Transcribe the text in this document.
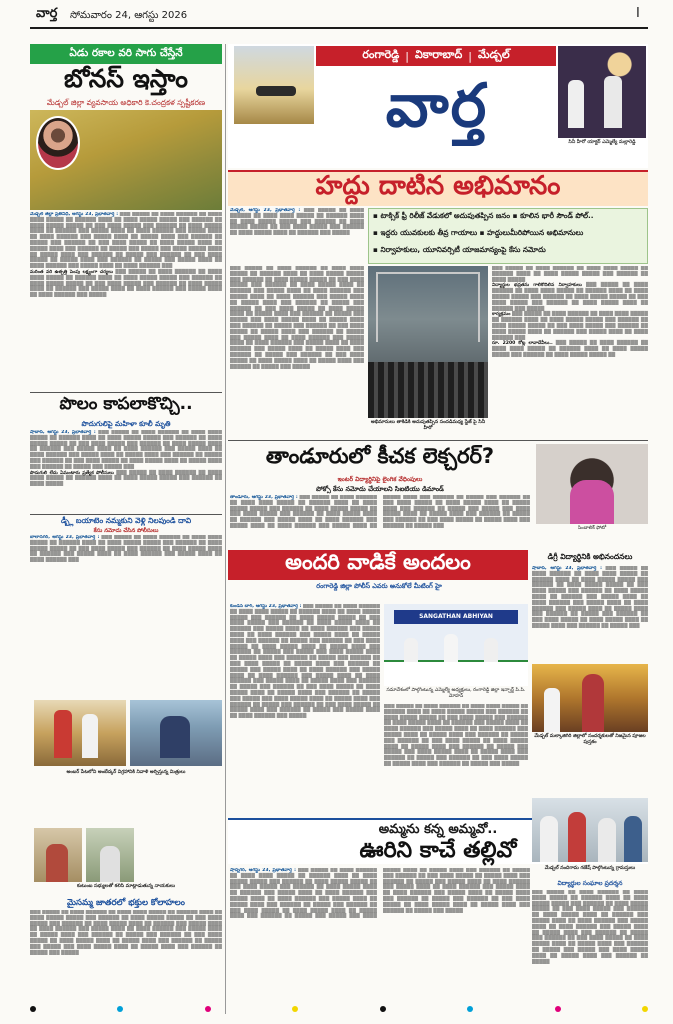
వార్త సోమవారం 24, ఆగస్టు 2026	I
ఏడు రకాల వరి సాగు చేస్తేనే
బోనస్ ఇస్తాం
మేడ్చల్ జిల్లా వ్యవసాయ అధికారి కె.చంద్రకళ స్పష్టీకరణ
మేడ్చల్ జిల్లా ప్రతినిధి, ఆగస్టు 23, ప్రభాతవార్త : ▒▒▒ ▒▒▒▒▒ ▒▒ ▒▒▒▒ ▒▒▒▒▒▒ ▒▒ ▒▒▒▒ ▒▒▒▒ ▒▒▒▒▒ ▒▒ ▒▒▒▒▒▒ ▒▒▒▒ ▒▒ ▒▒▒▒ ▒▒▒▒▒ ▒▒▒▒▒ ▒▒▒ ▒▒▒▒▒▒ ▒▒ ▒▒▒▒ ▒▒▒▒▒ ▒▒▒▒▒ ▒▒ ▒▒▒ ▒▒▒▒ ▒▒▒▒▒ ▒▒▒ ▒▒▒▒▒▒ ▒▒ ▒▒▒▒ ▒▒▒▒▒ ▒▒▒▒ ▒▒ ▒▒▒▒▒▒ ▒▒▒ ▒▒▒▒▒ ▒▒▒▒ ▒▒ ▒▒▒▒ ▒▒▒▒▒▒ ▒▒▒ ▒▒▒▒▒ ▒▒▒▒ ▒▒ ▒▒▒▒ ▒▒▒▒▒▒ ▒▒▒ ▒▒▒▒▒ ▒▒▒▒ ▒▒ ▒▒▒▒▒ ▒▒▒▒ ▒▒▒ ▒▒▒▒▒▒ ▒▒ ▒▒▒▒▒ ▒▒▒ ▒▒▒▒▒▒ ▒▒ ▒▒▒ ▒▒▒▒ ▒▒▒▒▒ ▒▒ ▒▒▒▒ ▒▒▒▒▒ ▒▒▒▒ ▒▒ ▒▒▒▒▒ ▒▒▒▒ ▒▒▒ ▒▒▒▒▒▒ ▒▒ ▒▒▒▒▒ ▒▒▒ ▒▒▒▒▒ ▒▒▒ ▒▒▒▒ ▒▒▒▒▒ ▒▒▒▒ ▒▒ ▒▒▒▒▒ ▒▒▒▒ ▒▒▒ ▒▒▒▒▒▒ ▒▒ ▒▒▒▒▒ ▒▒▒ ▒▒▒▒▒▒ ▒▒ ▒▒▒ ▒▒▒▒ ▒▒▒▒▒ ▒▒ ▒▒▒▒▒ ▒▒▒▒ ▒▒▒ ▒▒▒▒▒▒ ▒▒ ▒▒▒▒▒ ▒▒▒ ▒▒▒▒▒ ▒▒▒▒ ▒▒ ▒▒▒▒ ▒▒▒▒▒▒ ▒▒▒ ▒▒▒▒▒ ▒▒▒▒ ▒▒ ▒▒▒▒ ▒▒▒▒▒▒ ▒▒▒
మరింత వరి ఉత్పత్తి పెంపు లక్ష్యంగా చర్యలు ▒▒▒ ▒▒▒▒▒ ▒▒ ▒▒▒▒ ▒▒▒▒▒▒ ▒▒ ▒▒▒▒ ▒▒▒▒ ▒▒▒▒▒ ▒▒ ▒▒▒▒▒▒ ▒▒▒▒ ▒▒ ▒▒▒▒ ▒▒▒▒▒ ▒▒▒▒▒ ▒▒▒ ▒▒▒▒▒▒ ▒▒ ▒▒▒▒ ▒▒▒▒▒ ▒▒▒▒▒ ▒▒ ▒▒▒ ▒▒▒▒ ▒▒▒▒▒ ▒▒▒ ▒▒▒▒▒▒ ▒▒ ▒▒▒▒ ▒▒▒▒▒ ▒▒▒▒ ▒▒ ▒▒▒▒▒▒ ▒▒▒ ▒▒▒▒▒ ▒▒▒▒ ▒▒ ▒▒▒▒ ▒▒▒▒▒▒ ▒▒▒ ▒▒▒▒▒ ▒▒▒▒ ▒▒ ▒▒▒▒ ▒▒▒▒▒▒ ▒▒▒ ▒▒▒▒▒
పొలం కాపలాకొచ్చి..
పొదుగులిపై మహిళా కూలీ మృతి
షాబాద్, ఆగస్టు 23, ప్రభాతవార్త : ▒▒▒ ▒▒▒▒▒ ▒▒ ▒▒▒▒ ▒▒▒▒▒▒ ▒▒ ▒▒▒▒ ▒▒▒▒ ▒▒▒▒▒ ▒▒ ▒▒▒▒▒▒ ▒▒▒▒ ▒▒ ▒▒▒▒ ▒▒▒▒▒ ▒▒▒▒▒ ▒▒▒ ▒▒▒▒▒▒ ▒▒ ▒▒▒▒ ▒▒▒▒▒ ▒▒▒▒▒ ▒▒ ▒▒▒ ▒▒▒▒ ▒▒▒▒▒ ▒▒▒ ▒▒▒▒▒▒ ▒▒ ▒▒▒▒ ▒▒▒▒▒ ▒▒▒▒ ▒▒ ▒▒▒▒▒▒ ▒▒▒ ▒▒▒▒▒ ▒▒▒▒ ▒▒ ▒▒▒▒ ▒▒▒▒▒▒ ▒▒▒ ▒▒▒▒▒ ▒▒▒▒ ▒▒ ▒▒▒▒ ▒▒▒▒▒▒ ▒▒▒ ▒▒▒▒▒ ▒▒▒▒ ▒▒ ▒▒▒▒▒ ▒▒▒▒ ▒▒▒ ▒▒▒▒▒▒ ▒▒ ▒▒▒▒▒ ▒▒▒ ▒▒▒▒▒▒ ▒▒ ▒▒▒ ▒▒▒▒ ▒▒▒▒▒ ▒▒ ▒▒▒▒ ▒▒▒▒▒ ▒▒▒▒ ▒▒ ▒▒▒▒▒ ▒▒▒▒ ▒▒▒ ▒▒▒▒▒▒ ▒▒ ▒▒▒▒▒ ▒▒▒ ▒▒▒▒▒ ▒▒▒
పొదుగులి లేదు ఏమంటారు ప్రత్యేక పోలీసులు ▒▒▒ ▒▒▒▒▒ ▒▒ ▒▒▒▒ ▒▒▒▒▒▒ ▒▒ ▒▒▒▒ ▒▒▒▒ ▒▒▒▒▒ ▒▒ ▒▒▒▒▒▒ ▒▒▒▒ ▒▒ ▒▒▒▒ ▒▒▒▒▒ ▒▒▒▒▒ ▒▒▒ ▒▒▒▒▒▒ ▒▒ ▒▒▒▒ ▒▒▒▒▒
డ్బ్లీ బయాటెం నమ్మకుని వెళ్లి నిలపుండి దావి
కేసు నమోదు చేసిన పోలీసులు
బాలానగర్, ఆగస్టు 23, ప్రభాతవార్త : ▒▒▒ ▒▒▒▒▒ ▒▒ ▒▒▒▒ ▒▒▒▒▒▒ ▒▒ ▒▒▒▒ ▒▒▒▒ ▒▒▒▒▒ ▒▒ ▒▒▒▒▒▒ ▒▒▒▒ ▒▒ ▒▒▒▒ ▒▒▒▒▒ ▒▒▒▒▒ ▒▒▒ ▒▒▒▒▒▒ ▒▒ ▒▒▒▒ ▒▒▒▒▒ ▒▒▒▒▒ ▒▒ ▒▒▒ ▒▒▒▒ ▒▒▒▒▒ ▒▒▒ ▒▒▒▒▒▒ ▒▒ ▒▒▒▒ ▒▒▒▒▒ ▒▒▒▒ ▒▒ ▒▒▒▒▒▒ ▒▒▒ ▒▒▒▒▒ ▒▒▒▒ ▒▒ ▒▒▒▒ ▒▒▒▒▒▒ ▒▒▒ ▒▒▒▒▒ ▒▒▒▒ ▒▒ ▒▒▒▒ ▒▒▒▒▒▒ ▒▒▒
అంబర్ పేటలోని అంబేద్కర్ విగ్రహానికి నివాళి అర్పిస్తున్న మిత్రులు
కుటుంబ సభ్యులతో కలిసి మాట్లాడుతున్న నాయకులు
మైసమ్మ జాతరలో భక్తుల కోలాహలం
▒▒▒ ▒▒▒▒▒ ▒▒ ▒▒▒▒ ▒▒▒▒▒▒ ▒▒ ▒▒▒▒ ▒▒▒▒ ▒▒▒▒▒ ▒▒ ▒▒▒▒▒▒ ▒▒▒▒ ▒▒ ▒▒▒▒ ▒▒▒▒▒ ▒▒▒▒▒ ▒▒▒ ▒▒▒▒▒▒ ▒▒ ▒▒▒▒ ▒▒▒▒▒ ▒▒▒▒▒ ▒▒ ▒▒▒ ▒▒▒▒ ▒▒▒▒▒ ▒▒▒ ▒▒▒▒▒▒ ▒▒ ▒▒▒▒ ▒▒▒▒▒ ▒▒▒▒ ▒▒ ▒▒▒▒▒▒ ▒▒▒ ▒▒▒▒▒ ▒▒▒▒ ▒▒ ▒▒▒▒ ▒▒▒▒▒▒ ▒▒▒ ▒▒▒▒▒ ▒▒▒▒ ▒▒ ▒▒▒▒ ▒▒▒▒▒▒ ▒▒▒ ▒▒▒▒▒ ▒▒▒▒ ▒▒ ▒▒▒▒▒ ▒▒▒▒ ▒▒▒ ▒▒▒▒▒▒ ▒▒ ▒▒▒▒▒ ▒▒▒ ▒▒▒▒▒▒ ▒▒ ▒▒▒ ▒▒▒▒ ▒▒▒▒▒ ▒▒ ▒▒▒▒ ▒▒▒▒▒ ▒▒▒▒ ▒▒ ▒▒▒▒▒ ▒▒▒▒ ▒▒▒ ▒▒▒▒▒▒ ▒▒ ▒▒▒▒▒ ▒▒▒ ▒▒▒▒▒ ▒▒▒ ▒▒▒▒ ▒▒▒▒▒ ▒▒▒▒ ▒▒ ▒▒▒▒▒ ▒▒▒▒ ▒▒▒ ▒▒▒▒▒▒ ▒▒ ▒▒▒▒▒ ▒▒▒ ▒▒▒▒▒
రంగారెడ్డి | వికారాబాద్ | మేడ్చల్
వార్త
సినీ హీరో యాక్టర్ ఎమ్మెల్యే మల్లారెడ్డి
హద్దు దాటిన అభిమానం
మేడ్చల్, ఆగస్టు 23, ప్రభాతవార్త : ▒▒▒ ▒▒▒▒▒ ▒▒ ▒▒▒▒ ▒▒▒▒▒▒ ▒▒ ▒▒▒▒ ▒▒▒▒ ▒▒▒▒▒ ▒▒ ▒▒▒▒▒▒ ▒▒▒▒ ▒▒ ▒▒▒▒ ▒▒▒▒▒ ▒▒▒▒▒ ▒▒▒ ▒▒▒▒▒▒ ▒▒ ▒▒▒▒ ▒▒▒▒▒ ▒▒▒▒▒ ▒▒ ▒▒▒ ▒▒▒▒ ▒▒▒▒▒ ▒▒▒ ▒▒▒▒▒▒ ▒▒ ▒▒▒▒ ▒▒▒▒▒ ▒▒▒▒ ▒▒ ▒▒▒▒▒▒ ▒▒▒ ▒▒▒▒▒
▪ టాక్సిక్ ఫ్రీ రిలీజ్ వేడుకలో అదుపుతప్పిన జనం ▪ కూలిన భారీ సౌండ్ పోల్..
▪ ఇద్దరు యువకులకు తీవ్ర గాయాలు ▪ హద్దులుమీరిపోయిన అభిమానులు
▪ నిర్వాహకులు, యూనివర్సిటీ యాజమాన్యంపై కేసు నమోదు
▒▒▒ ▒▒▒▒▒ ▒▒ ▒▒▒▒ ▒▒▒▒▒▒ ▒▒ ▒▒▒▒ ▒▒▒▒ ▒▒▒▒▒ ▒▒ ▒▒▒▒▒▒ ▒▒▒▒ ▒▒ ▒▒▒▒ ▒▒▒▒▒ ▒▒▒▒▒ ▒▒▒ ▒▒▒▒▒▒ ▒▒ ▒▒▒▒ ▒▒▒▒▒ ▒▒▒▒▒ ▒▒ ▒▒▒ ▒▒▒▒ ▒▒▒▒▒ ▒▒▒ ▒▒▒▒▒▒ ▒▒ ▒▒▒▒ ▒▒▒▒▒ ▒▒▒▒ ▒▒ ▒▒▒▒▒▒ ▒▒▒ ▒▒▒▒▒ ▒▒▒▒ ▒▒ ▒▒▒▒ ▒▒▒▒▒▒ ▒▒▒ ▒▒▒▒▒ ▒▒▒▒ ▒▒ ▒▒▒▒ ▒▒▒▒▒▒ ▒▒▒ ▒▒▒▒▒ ▒▒▒▒ ▒▒ ▒▒▒▒▒ ▒▒▒▒ ▒▒▒ ▒▒▒▒▒▒ ▒▒ ▒▒▒▒▒ ▒▒▒ ▒▒▒▒▒▒ ▒▒ ▒▒▒ ▒▒▒▒ ▒▒▒▒▒ ▒▒ ▒▒▒▒ ▒▒▒▒▒ ▒▒▒▒ ▒▒ ▒▒▒▒▒ ▒▒▒▒ ▒▒▒ ▒▒▒▒▒▒ ▒▒ ▒▒▒▒▒ ▒▒▒ ▒▒▒▒▒ ▒▒▒ ▒▒▒▒ ▒▒▒▒▒ ▒▒▒▒ ▒▒ ▒▒▒▒▒ ▒▒▒▒ ▒▒▒ ▒▒▒▒▒▒ ▒▒ ▒▒▒▒▒ ▒▒▒ ▒▒▒▒▒▒ ▒▒ ▒▒▒ ▒▒▒▒ ▒▒▒▒▒ ▒▒ ▒▒▒▒▒ ▒▒▒▒ ▒▒▒ ▒▒▒▒▒▒ ▒▒ ▒▒▒▒▒ ▒▒▒ ▒▒▒▒▒ ▒▒▒▒ ▒▒ ▒▒▒▒ ▒▒▒▒▒▒ ▒▒▒ ▒▒▒▒▒ ▒▒▒▒ ▒▒ ▒▒▒▒ ▒▒▒▒▒▒ ▒▒▒ ▒▒▒▒▒ ▒▒▒▒ ▒▒ ▒▒▒▒ ▒▒▒▒▒▒ ▒▒▒ ▒▒▒▒▒ ▒▒▒▒ ▒▒ ▒▒▒▒▒ ▒▒▒▒ ▒▒▒ ▒▒▒▒▒▒ ▒▒ ▒▒▒▒▒ ▒▒▒ ▒▒▒▒▒▒ ▒▒ ▒▒▒ ▒▒▒▒ ▒▒▒▒▒ ▒▒ ▒▒▒▒ ▒▒▒▒▒ ▒▒▒▒ ▒▒ ▒▒▒▒▒ ▒▒▒▒ ▒▒▒ ▒▒▒▒▒▒ ▒▒ ▒▒▒▒▒ ▒▒▒ ▒▒▒▒▒
అభిమానులు తాకిడికి అదుపుతప్పిన సందడిమధ్య స్టేజ్ పై సినీ హీరో
▒▒▒ ▒▒▒▒▒ ▒▒ ▒▒▒▒ ▒▒▒▒▒▒ ▒▒ ▒▒▒▒ ▒▒▒▒ ▒▒▒▒▒ ▒▒ ▒▒▒▒▒▒ ▒▒▒▒ ▒▒ ▒▒▒▒ ▒▒▒▒▒ ▒▒▒▒▒ ▒▒▒ ▒▒▒▒▒▒ ▒▒ ▒▒▒▒ ▒▒▒▒▒
విద్యార్థుల భద్రతను గాలికొదిలిన నిర్వాహకులు ▒▒▒ ▒▒▒▒▒ ▒▒ ▒▒▒▒ ▒▒▒▒▒▒ ▒▒ ▒▒▒▒ ▒▒▒▒ ▒▒▒▒▒ ▒▒ ▒▒▒▒▒▒ ▒▒▒▒ ▒▒ ▒▒▒▒ ▒▒▒▒▒ ▒▒▒▒▒ ▒▒▒ ▒▒▒▒▒▒ ▒▒ ▒▒▒▒ ▒▒▒▒▒ ▒▒▒▒▒ ▒▒ ▒▒▒ ▒▒▒▒ ▒▒▒▒▒ ▒▒▒ ▒▒▒▒▒▒ ▒▒ ▒▒▒▒ ▒▒▒▒▒ ▒▒▒▒ ▒▒ ▒▒▒▒▒▒ ▒▒▒ ▒▒▒▒▒
కార్యక్రమం ▒▒▒ ▒▒▒▒▒ ▒▒ ▒▒▒▒ ▒▒▒▒▒▒ ▒▒ ▒▒▒▒ ▒▒▒▒ ▒▒▒▒▒ ▒▒ ▒▒▒▒▒▒ ▒▒▒▒ ▒▒ ▒▒▒▒ ▒▒▒▒▒ ▒▒▒▒▒ ▒▒▒ ▒▒▒▒▒▒ ▒▒ ▒▒▒▒ ▒▒▒▒▒ ▒▒▒▒▒ ▒▒ ▒▒▒ ▒▒▒▒ ▒▒▒▒▒ ▒▒▒ ▒▒▒▒▒▒ ▒▒ ▒▒▒▒ ▒▒▒▒▒ ▒▒▒▒ ▒▒ ▒▒▒▒▒▒ ▒▒▒ ▒▒▒▒▒ ▒▒▒▒ ▒▒ ▒▒▒▒ ▒▒▒▒▒▒ ▒▒▒
రూ. 2200 కోట్ల లావాదేవీలు.. ▒▒▒ ▒▒▒▒▒ ▒▒ ▒▒▒▒ ▒▒▒▒▒▒ ▒▒ ▒▒▒▒ ▒▒▒▒ ▒▒▒▒▒ ▒▒ ▒▒▒▒▒▒ ▒▒▒▒ ▒▒ ▒▒▒▒ ▒▒▒▒▒ ▒▒▒▒▒ ▒▒▒ ▒▒▒▒▒▒ ▒▒ ▒▒▒▒ ▒▒▒▒▒ ▒▒▒▒▒ ▒▒
తాండూరులో కీచక లెక్చరర్?
ఇంటర్ విద్యార్థినిపై లైంగిక వేధింపులు
పోక్సో కేసు నమోదు చేయాలని సిఐటియు డిమాండ్
తాండూరు, ఆగస్టు 23, ప్రభాతవార్త : ▒▒▒ ▒▒▒▒▒ ▒▒ ▒▒▒▒ ▒▒▒▒▒▒ ▒▒ ▒▒▒▒ ▒▒▒▒ ▒▒▒▒▒ ▒▒ ▒▒▒▒▒▒ ▒▒▒▒ ▒▒ ▒▒▒▒ ▒▒▒▒▒ ▒▒▒▒▒ ▒▒▒ ▒▒▒▒▒▒ ▒▒ ▒▒▒▒ ▒▒▒▒▒ ▒▒▒▒▒ ▒▒ ▒▒▒ ▒▒▒▒ ▒▒▒▒▒ ▒▒▒ ▒▒▒▒▒▒ ▒▒ ▒▒▒▒ ▒▒▒▒▒ ▒▒▒▒ ▒▒ ▒▒▒▒▒▒ ▒▒▒ ▒▒▒▒▒ ▒▒▒▒ ▒▒ ▒▒▒▒ ▒▒▒▒▒▒ ▒▒▒ ▒▒▒▒▒ ▒▒▒▒ ▒▒ ▒▒▒▒ ▒▒▒▒▒▒ ▒▒▒ ▒▒▒▒▒ ▒▒▒▒ ▒▒ ▒▒▒▒▒ ▒▒▒▒ ▒▒▒ ▒▒▒▒▒▒ ▒▒ ▒▒▒▒▒ ▒▒▒ ▒▒▒▒▒▒ ▒▒ ▒▒▒ ▒▒▒▒ ▒▒▒▒▒ ▒▒ ▒▒▒▒ ▒▒▒▒▒ ▒▒▒▒ ▒▒ ▒▒▒▒▒ ▒▒▒▒ ▒▒▒ ▒▒▒▒▒▒ ▒▒ ▒▒▒▒▒ ▒▒▒ ▒▒▒▒▒ ▒▒▒ ▒▒▒▒ ▒▒▒▒▒ ▒▒▒▒ ▒▒ ▒▒▒▒▒ ▒▒▒▒ ▒▒▒ ▒▒▒▒▒▒ ▒▒ ▒▒▒▒▒ ▒▒▒ ▒▒▒▒▒▒ ▒▒ ▒▒▒ ▒▒▒▒ ▒▒▒▒▒ ▒▒ ▒▒▒▒▒ ▒▒▒▒ ▒▒▒ ▒▒▒▒▒▒ ▒▒ ▒▒▒▒▒ ▒▒▒	సింబాలిక్ ఫోటో
అందరి వాడికే అందలం
రంగారెడ్డి జిల్లా పోలీస్ ఎవరు అనుకోలే మీటింగ్ హై
కుండన్ బాగ్, ఆగస్టు 23, ప్రభాతవార్త : ▒▒▒ ▒▒▒▒▒ ▒▒ ▒▒▒▒ ▒▒▒▒▒▒ ▒▒ ▒▒▒▒ ▒▒▒▒ ▒▒▒▒▒ ▒▒ ▒▒▒▒▒▒ ▒▒▒▒ ▒▒ ▒▒▒▒ ▒▒▒▒▒ ▒▒▒▒▒ ▒▒▒ ▒▒▒▒▒▒ ▒▒ ▒▒▒▒ ▒▒▒▒▒ ▒▒▒▒▒ ▒▒ ▒▒▒ ▒▒▒▒ ▒▒▒▒▒ ▒▒▒ ▒▒▒▒▒▒ ▒▒ ▒▒▒▒ ▒▒▒▒▒ ▒▒▒▒ ▒▒ ▒▒▒▒▒▒ ▒▒▒ ▒▒▒▒▒ ▒▒▒▒ ▒▒ ▒▒▒▒ ▒▒▒▒▒▒ ▒▒▒ ▒▒▒▒▒ ▒▒▒▒ ▒▒ ▒▒▒▒ ▒▒▒▒▒▒ ▒▒▒ ▒▒▒▒▒ ▒▒▒▒ ▒▒ ▒▒▒▒▒ ▒▒▒▒ ▒▒▒ ▒▒▒▒▒▒ ▒▒ ▒▒▒▒▒ ▒▒▒ ▒▒▒▒▒▒ ▒▒ ▒▒▒ ▒▒▒▒ ▒▒▒▒▒ ▒▒ ▒▒▒▒ ▒▒▒▒▒ ▒▒▒▒ ▒▒ ▒▒▒▒▒ ▒▒▒▒ ▒▒▒ ▒▒▒▒▒▒ ▒▒ ▒▒▒▒▒ ▒▒▒ ▒▒▒▒▒ ▒▒▒ ▒▒▒▒ ▒▒▒▒▒ ▒▒▒▒ ▒▒ ▒▒▒▒▒ ▒▒▒▒ ▒▒▒ ▒▒▒▒▒▒ ▒▒ ▒▒▒▒▒ ▒▒▒ ▒▒▒▒▒▒ ▒▒ ▒▒▒ ▒▒▒▒ ▒▒▒▒▒ ▒▒ ▒▒▒▒▒ ▒▒▒▒ ▒▒▒ ▒▒▒▒▒▒ ▒▒ ▒▒▒▒▒ ▒▒▒ ▒▒▒▒▒ ▒▒▒▒ ▒▒ ▒▒▒▒ ▒▒▒▒▒▒ ▒▒▒ ▒▒▒▒▒ ▒▒▒▒ ▒▒ ▒▒▒▒ ▒▒▒▒▒▒ ▒▒▒ ▒▒▒▒▒ ▒▒▒▒ ▒▒ ▒▒▒▒ ▒▒▒▒▒▒ ▒▒▒ ▒▒▒▒▒ ▒▒▒▒ ▒▒ ▒▒▒▒▒ ▒▒▒▒ ▒▒▒ ▒▒▒▒▒▒ ▒▒ ▒▒▒▒▒ ▒▒▒ ▒▒▒▒▒▒ ▒▒ ▒▒▒ ▒▒▒▒ ▒▒▒▒▒ ▒▒ ▒▒▒▒ ▒▒▒▒▒ ▒▒▒▒ ▒▒ ▒▒▒▒▒ ▒▒▒▒ ▒▒▒ ▒▒▒▒▒▒ ▒▒ ▒▒▒▒▒ ▒▒▒ ▒▒▒▒▒ ▒▒▒ ▒▒▒▒ ▒▒▒▒▒ ▒▒▒▒ ▒▒ ▒▒▒▒▒ ▒▒▒▒ ▒▒▒ ▒▒▒▒▒▒ ▒▒ ▒▒▒▒▒ ▒▒▒ ▒▒▒▒▒▒ ▒▒ ▒▒▒ ▒▒▒▒ ▒▒▒▒▒ ▒▒ ▒▒▒▒▒ ▒▒▒▒ ▒▒▒ ▒▒▒▒▒▒ ▒▒ ▒▒▒▒▒ ▒▒▒ ▒▒▒▒▒ ▒▒▒▒ ▒▒ ▒▒▒▒ ▒▒▒▒▒▒ ▒▒▒ ▒▒▒▒▒
SANGATHAN ABHIYAN
సమావేశంలో పాల్గొంటున్న ఎమ్మెల్యే అధ్యక్షులు, రంగారెడ్డి జిల్లా ఇన్చార్జ్ పి.పి. మోహన్
▒▒▒ ▒▒▒▒▒ ▒▒ ▒▒▒▒ ▒▒▒▒▒▒ ▒▒ ▒▒▒▒ ▒▒▒▒ ▒▒▒▒▒ ▒▒ ▒▒▒▒▒▒ ▒▒▒▒ ▒▒ ▒▒▒▒ ▒▒▒▒▒ ▒▒▒▒▒ ▒▒▒ ▒▒▒▒▒▒ ▒▒ ▒▒▒▒ ▒▒▒▒▒ ▒▒▒▒▒ ▒▒ ▒▒▒ ▒▒▒▒ ▒▒▒▒▒ ▒▒▒ ▒▒▒▒▒▒ ▒▒ ▒▒▒▒ ▒▒▒▒▒ ▒▒▒▒ ▒▒ ▒▒▒▒▒▒ ▒▒▒ ▒▒▒▒▒ ▒▒▒▒ ▒▒ ▒▒▒▒ ▒▒▒▒▒▒ ▒▒▒ ▒▒▒▒▒ ▒▒▒▒ ▒▒ ▒▒▒▒ ▒▒▒▒▒▒ ▒▒▒ ▒▒▒▒▒ ▒▒▒▒ ▒▒ ▒▒▒▒▒ ▒▒▒▒ ▒▒▒ ▒▒▒▒▒▒ ▒▒ ▒▒▒▒▒ ▒▒▒ ▒▒▒▒▒▒ ▒▒ ▒▒▒ ▒▒▒▒ ▒▒▒▒▒ ▒▒ ▒▒▒▒ ▒▒▒▒▒ ▒▒▒▒ ▒▒ ▒▒▒▒▒ ▒▒▒▒ ▒▒▒ ▒▒▒▒▒▒ ▒▒ ▒▒▒▒▒ ▒▒▒ ▒▒▒▒▒ ▒▒▒ ▒▒▒▒ ▒▒▒▒▒ ▒▒▒▒ ▒▒ ▒▒▒▒▒ ▒▒▒▒ ▒▒▒ ▒▒▒▒▒▒ ▒▒ ▒▒▒▒▒ ▒▒▒ ▒▒▒▒▒▒ ▒▒ ▒▒▒ ▒▒▒▒ ▒▒▒▒▒ ▒▒ ▒▒▒▒▒ ▒▒▒▒ ▒▒▒ ▒▒▒▒▒▒ ▒▒ ▒▒▒▒▒ ▒▒▒ ▒▒▒▒▒
డిగ్రీ విద్యార్థినికి అభినందనలు
షాబాద్, ఆగస్టు 23, ప్రభాతవార్త : ▒▒▒ ▒▒▒▒▒ ▒▒ ▒▒▒▒ ▒▒▒▒▒▒ ▒▒ ▒▒▒▒ ▒▒▒▒ ▒▒▒▒▒ ▒▒ ▒▒▒▒▒▒ ▒▒▒▒ ▒▒ ▒▒▒▒ ▒▒▒▒▒ ▒▒▒▒▒ ▒▒▒ ▒▒▒▒▒▒ ▒▒ ▒▒▒▒ ▒▒▒▒▒ ▒▒▒▒▒ ▒▒ ▒▒▒ ▒▒▒▒ ▒▒▒▒▒ ▒▒▒ ▒▒▒▒▒▒ ▒▒ ▒▒▒▒ ▒▒▒▒▒ ▒▒▒▒ ▒▒ ▒▒▒▒▒▒ ▒▒▒ ▒▒▒▒▒ ▒▒▒▒ ▒▒ ▒▒▒▒ ▒▒▒▒▒▒ ▒▒▒ ▒▒▒▒▒ ▒▒▒▒ ▒▒ ▒▒▒▒ ▒▒▒▒▒▒ ▒▒▒ ▒▒▒▒▒ ▒▒▒▒ ▒▒ ▒▒▒▒▒ ▒▒▒▒ ▒▒▒ ▒▒▒▒▒▒ ▒▒ ▒▒▒▒▒ ▒▒▒ ▒▒▒▒▒▒ ▒▒ ▒▒▒ ▒▒▒▒ ▒▒▒▒▒ ▒▒ ▒▒▒▒ ▒▒▒▒▒ ▒▒▒▒ ▒▒ ▒▒▒▒▒ ▒▒▒▒ ▒▒▒ ▒▒▒▒▒▒ ▒▒ ▒▒▒▒▒ ▒▒▒
మేడ్చల్ మల్కాజిగిరి జిల్లాలో సందర్శకులతో నిజమైన పూజల పుస్తకం
అమ్మను కన్న అమ్మవో..
ఊరిని కాచే తల్లివో
షాద్నగర్, ఆగస్టు 23, ప్రభాతవార్త : ▒▒▒ ▒▒▒▒▒ ▒▒ ▒▒▒▒ ▒▒▒▒▒▒ ▒▒ ▒▒▒▒ ▒▒▒▒ ▒▒▒▒▒ ▒▒ ▒▒▒▒▒▒ ▒▒▒▒ ▒▒ ▒▒▒▒ ▒▒▒▒▒ ▒▒▒▒▒ ▒▒▒ ▒▒▒▒▒▒ ▒▒ ▒▒▒▒ ▒▒▒▒▒ ▒▒▒▒▒ ▒▒ ▒▒▒ ▒▒▒▒ ▒▒▒▒▒ ▒▒▒ ▒▒▒▒▒▒ ▒▒ ▒▒▒▒ ▒▒▒▒▒ ▒▒▒▒ ▒▒ ▒▒▒▒▒▒ ▒▒▒ ▒▒▒▒▒ ▒▒▒▒ ▒▒ ▒▒▒▒ ▒▒▒▒▒▒ ▒▒▒ ▒▒▒▒▒ ▒▒▒▒ ▒▒ ▒▒▒▒ ▒▒▒▒▒▒ ▒▒▒ ▒▒▒▒▒ ▒▒▒▒ ▒▒ ▒▒▒▒▒ ▒▒▒▒ ▒▒▒ ▒▒▒▒▒▒ ▒▒ ▒▒▒▒▒ ▒▒▒ ▒▒▒▒▒▒ ▒▒ ▒▒▒ ▒▒▒▒ ▒▒▒▒▒ ▒▒ ▒▒▒▒ ▒▒▒▒▒ ▒▒▒▒ ▒▒ ▒▒▒▒▒ ▒▒▒▒ ▒▒▒ ▒▒▒▒▒▒ ▒▒ ▒▒▒▒▒ ▒▒▒ ▒▒▒▒▒ ▒▒▒ ▒▒▒▒ ▒▒▒▒▒ ▒▒▒▒ ▒▒ ▒▒▒▒▒ ▒▒▒▒ ▒▒▒ ▒▒▒▒▒▒ ▒▒ ▒▒▒▒▒ ▒▒▒ ▒▒▒▒▒▒ ▒▒ ▒▒▒ ▒▒▒▒ ▒▒▒▒▒ ▒▒ ▒▒▒▒▒ ▒▒▒▒ ▒▒▒ ▒▒▒▒▒▒ ▒▒ ▒▒▒▒▒ ▒▒▒ ▒▒▒▒▒ ▒▒▒▒ ▒▒ ▒▒▒▒ ▒▒▒▒▒▒ ▒▒▒ ▒▒▒▒▒ ▒▒▒▒ ▒▒ ▒▒▒▒ ▒▒▒▒▒▒ ▒▒▒ ▒▒▒▒▒ ▒▒▒▒ ▒▒ ▒▒▒▒ ▒▒▒▒▒▒ ▒▒▒ ▒▒▒▒▒ ▒▒▒▒ ▒▒ ▒▒▒▒▒ ▒▒▒▒ ▒▒▒ ▒▒▒▒▒▒ ▒▒ ▒▒▒▒▒ ▒▒▒ ▒▒▒▒▒▒ ▒▒ ▒▒▒ ▒▒▒▒ ▒▒▒▒▒ ▒▒ ▒▒▒▒ ▒▒▒▒▒ ▒▒▒▒ ▒▒ ▒▒▒▒▒ ▒▒▒▒ ▒▒▒ ▒▒▒▒▒▒ ▒▒ ▒▒▒▒▒ ▒▒▒ ▒▒▒▒▒
మేడ్చల్ నందిగామ గణేష్ పాల్గొంటున్న గ్రామస్తులు
విద్యార్థుల సంఘాల ప్రదర్శన
▒▒▒ ▒▒▒▒▒ ▒▒ ▒▒▒▒ ▒▒▒▒▒▒ ▒▒ ▒▒▒▒ ▒▒▒▒ ▒▒▒▒▒ ▒▒ ▒▒▒▒▒▒ ▒▒▒▒ ▒▒ ▒▒▒▒ ▒▒▒▒▒ ▒▒▒▒▒ ▒▒▒ ▒▒▒▒▒▒ ▒▒ ▒▒▒▒ ▒▒▒▒▒ ▒▒▒▒▒ ▒▒ ▒▒▒ ▒▒▒▒ ▒▒▒▒▒ ▒▒▒ ▒▒▒▒▒▒ ▒▒ ▒▒▒▒ ▒▒▒▒▒ ▒▒▒▒ ▒▒ ▒▒▒▒▒▒ ▒▒▒ ▒▒▒▒▒ ▒▒▒▒ ▒▒ ▒▒▒▒ ▒▒▒▒▒▒ ▒▒▒ ▒▒▒▒▒ ▒▒▒▒ ▒▒ ▒▒▒▒ ▒▒▒▒▒▒ ▒▒▒ ▒▒▒▒▒ ▒▒▒▒ ▒▒ ▒▒▒▒▒ ▒▒▒▒ ▒▒▒ ▒▒▒▒▒▒ ▒▒ ▒▒▒▒▒ ▒▒▒ ▒▒▒▒▒▒ ▒▒ ▒▒▒ ▒▒▒▒ ▒▒▒▒▒ ▒▒ ▒▒▒▒ ▒▒▒▒▒ ▒▒▒▒ ▒▒ ▒▒▒▒▒ ▒▒▒▒ ▒▒▒ ▒▒▒▒▒▒ ▒▒ ▒▒▒▒▒ ▒▒▒ ▒▒▒▒▒ ▒▒▒ ▒▒▒▒ ▒▒▒▒▒ ▒▒▒▒ ▒▒ ▒▒▒▒▒ ▒▒▒▒ ▒▒▒ ▒▒▒▒▒▒ ▒▒ ▒▒▒▒▒
